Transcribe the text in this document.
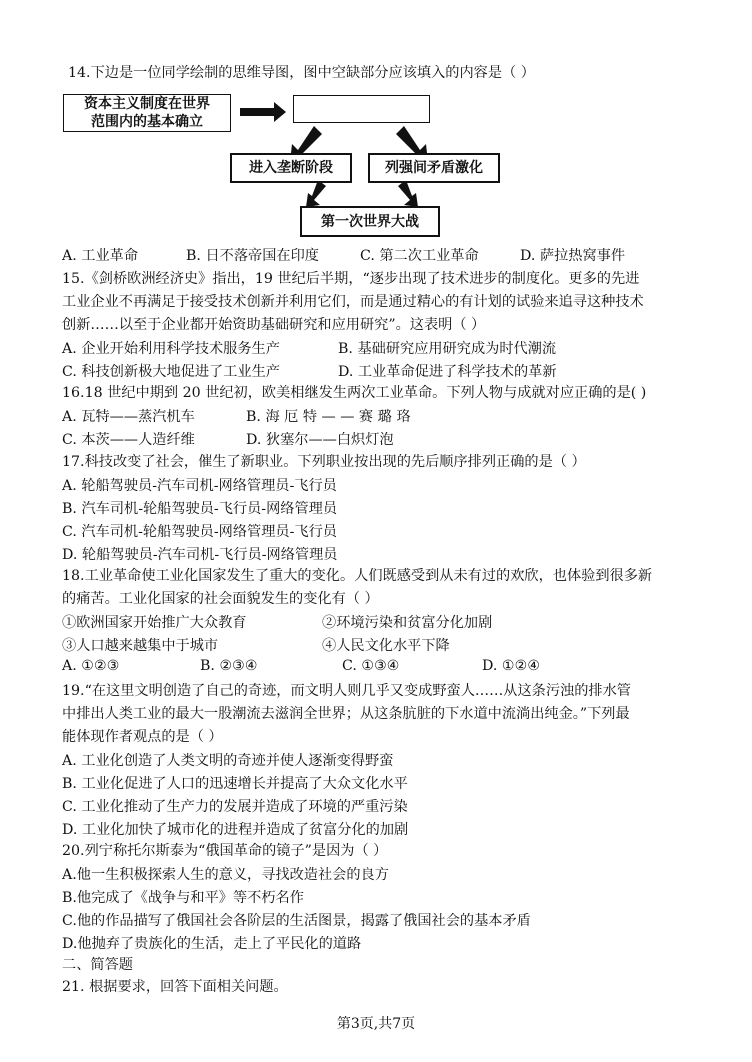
14.下边是一位同学绘制的思维导图，图中空缺部分应该填入的内容是（ ）
资本主义制度在世界
范围内的基本确立
进入垄断阶段	列强间矛盾激化
第一次世界大战
A. 工业革命	B. 日不落帝国在印度	C. 第二次工业革命	D. 萨拉热窝事件
15.《剑桥欧洲经济史》指出，19 世纪后半期，“逐步出现了技术进步的制度化。更多的先进
工业企业不再满足于接受技术创新并利用它们，而是通过精心的有计划的试验来追寻这种技术
创新……以至于企业都开始资助基础研究和应用研究”。这表明（ ）
A. 企业开始利用科学技术服务生产	B. 基础研究应用研究成为时代潮流
C. 科技创新极大地促进了工业生产	D. 工业革命促进了科学技术的革新
16.18 世纪中期到 20 世纪初，欧美相继发生两次工业革命。下列人物与成就对应正确的是( )
A. 瓦特——蒸汽机车	B. 海 厄 特 — — 赛 璐 珞
C. 本茨——人造纤维	D. 狄塞尔——白炽灯泡
17.科技改变了社会，催生了新职业。下列职业按出现的先后顺序排列正确的是（ ）
A. 轮船驾驶员-汽车司机-网络管理员-飞行员
B. 汽车司机-轮船驾驶员-飞行员-网络管理员
C. 汽车司机-轮船驾驶员-网络管理员-飞行员
D. 轮船驾驶员-汽车司机-飞行员-网络管理员
18.工业革命使工业化国家发生了重大的变化。人们既感受到从未有过的欢欣，也体验到很多新
的痛苦。工业化国家的社会面貌发生的变化有（ ）
①欧洲国家开始推广大众教育	②环境污染和贫富分化加剧
③人口越来越集中于城市	④人民文化水平下降
A. ①②③	B. ②③④	C. ①③④	D. ①②④
19.“在这里文明创造了自己的奇迹，而文明人则几乎又变成野蛮人……从这条污浊的排水管
中排出人类工业的最大一股潮流去滋润全世界；从这条肮脏的下水道中流淌出纯金。”下列最
能体现作者观点的是（ ）
A. 工业化创造了人类文明的奇迹并使人逐渐变得野蛮
B. 工业化促进了人口的迅速增长并提高了大众文化水平
C. 工业化推动了生产力的发展并造成了环境的严重污染
D. 工业化加快了城市化的进程并造成了贫富分化的加剧
20.列宁称托尔斯泰为“俄国革命的镜子”是因为（ ）
A.他一生积极探索人生的意义，寻找改造社会的良方
B.他完成了《战争与和平》等不朽名作
C.他的作品描写了俄国社会各阶层的生活图景，揭露了俄国社会的基本矛盾
D.他抛弃了贵族化的生活，走上了平民化的道路
二、简答题
21. 根据要求，回答下面相关问题。
第3页,共7页
